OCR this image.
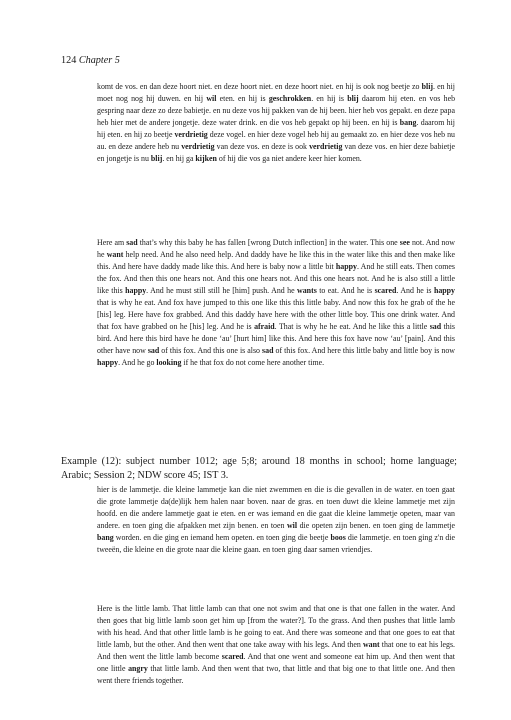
124 Chapter 5
komt de vos. en dan deze hoort niet. en deze hoort niet. en deze hoort niet. en hij is ook nog beetje zo blij. en hij moet nog nog hij duwen. en hij wil eten. en hij is geschrokken. en hij is blij daarom hij eten. en vos heb gespring naar deze zo deze babietje. en nu deze vos hij pakken van de hij been. hier heb vos gepakt. en deze papa heb hier met de andere jongetje. deze water drink. en die vos heb gepakt op hij been. en hij is bang. daarom hij hij eten. en hij zo beetje verdrietig deze vogel. en hier deze vogel heb hij au gemaakt zo. en hier deze vos heb nu au. en deze andere heb nu verdrietig van deze vos. en deze is ook verdrietig van deze vos. en hier deze babietje en jongetje is nu blij. en hij ga kijken of hij die vos ga niet andere keer hier komen.
Here am sad that’s why this baby he has fallen [wrong Dutch inflection] in the water. This one see not. And now he want help need. And he also need help. And daddy have he like this in the water like this and then make like this. And here have daddy made like this. And here is baby now a little bit happy. And he still eats. Then comes the fox. And then this one hears not. And this one hears not. And this one hears not. And he is also still a little like this happy. And he must still still he [him] push. And he wants to eat. And he is scared. And he is happy that is why he eat. And fox have jumped to this one like this this little baby. And now this fox he grab of the he [his] leg. Here have fox grabbed. And this daddy have here with the other little boy. This one drink water. And that fox have grabbed on he [his] leg. And he is afraid. That is why he he eat. And he like this a little sad this bird. And here this bird have he done ‘au’ [hurt him] like this. And here this fox have now ‘au’ [pain]. And this other have now sad of this fox. And this one is also sad of this fox. And here this little baby and little boy is now happy. And he go looking if he that fox do not come here another time.
Example (12): subject number 1012; age 5;8; around 18 months in school; home language; Arabic; Session 2; NDW score 45; IST 3.
hier is de lammetje. die kleine lammetje kan die niet zwemmen en die is die gevallen in de water. en toen gaat die grote lammetje da(de)lijk hem halen naar boven. naar de gras. en toen duwt die kleine lammetje met zijn hoofd. en die andere lammetje gaat ie eten. en er was iemand en die gaat die kleine lammetje opeten, maar van andere. en toen ging die afpakken met zijn benen. en toen wil die opeten zijn benen. en toen ging de lammetje bang worden. en die ging en iemand hem opeten. en toen ging die beetje boos die lammetje. en toen ging z'n die tweeën, die kleine en die grote naar die kleine gaan. en toen ging daar samen vriendjes.
Here is the little lamb. That little lamb can that one not swim and that one is that one fallen in the water. And then goes that big little lamb soon get him up [from the water?]. To the grass. And then pushes that little lamb with his head. And that other little lamb is he going to eat. And there was someone and that one goes to eat that little lamb, but the other. And then went that one take away with his legs. And then want that one to eat his legs. And then went the little lamb become scared. And that one went and someone eat him up. And then went that one little angry that little lamb. And then went that two, that little and that big one to that little one. And then went there friends together.
